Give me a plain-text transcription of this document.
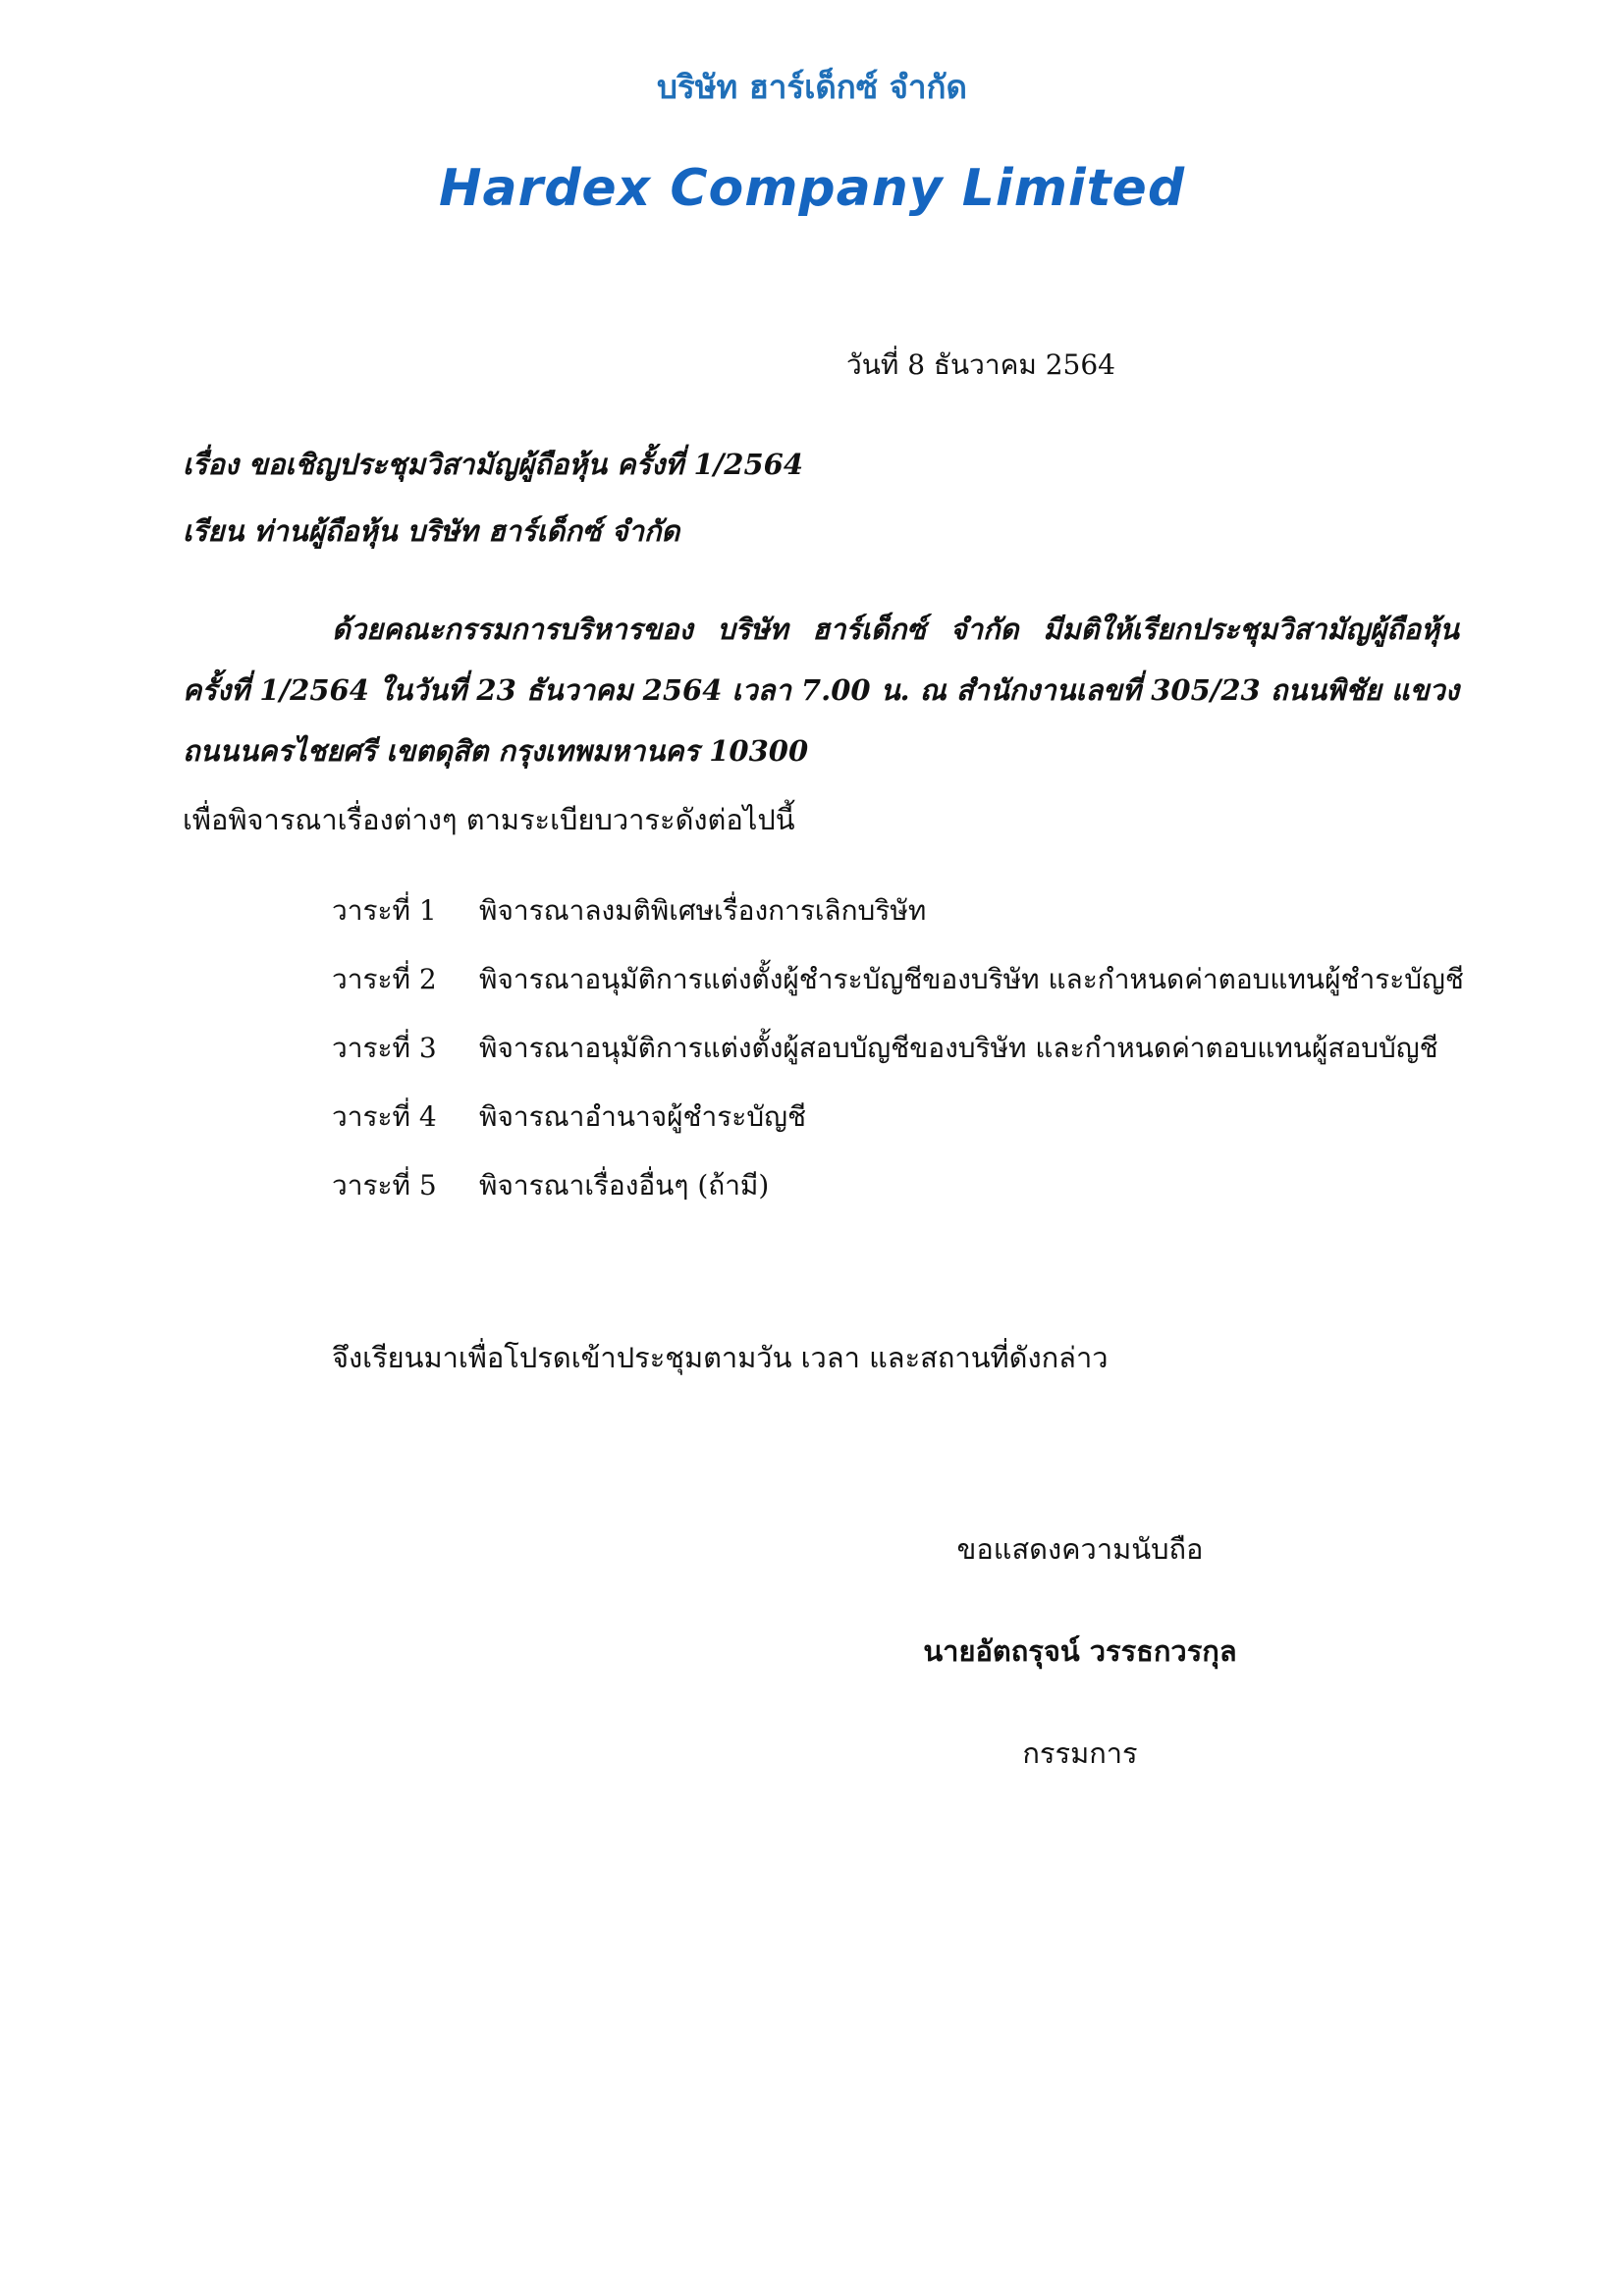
บริษัท ฮาร์เด็กซ์ จำกัด
Hardex Company Limited
วันที่ 8 ธันวาคม 2564
เรื่อง ขอเชิญประชุมวิสามัญผู้ถือหุ้น ครั้งที่ 1/2564
เรียน ท่านผู้ถือหุ้น บริษัท ฮาร์เด็กซ์ จำกัด
ด้วยคณะกรรมการบริหารของ บริษัท ฮาร์เด็กซ์ จำกัด มีมติให้เรียกประชุมวิสามัญผู้ถือหุ้น ครั้งที่ 1/2564 ในวันที่ 23 ธันวาคม 2564 เวลา 7.00 น. ณ สำนักงานเลขที่ 305/23 ถนนพิชัย แขวงถนนนครไชยศรี เขตดุสิต กรุงเทพมหานคร 10300
เพื่อพิจารณาเรื่องต่างๆ ตามระเบียบวาระดังต่อไปนี้
วาระที่ 1	พิจารณาลงมติพิเศษเรื่องการเลิกบริษัท
วาระที่ 2	พิจารณาอนุมัติการแต่งตั้งผู้ชำระบัญชีของบริษัท และกำหนดค่าตอบแทนผู้ชำระบัญชี
วาระที่ 3	พิจารณาอนุมัติการแต่งตั้งผู้สอบบัญชีของบริษัท และกำหนดค่าตอบแทนผู้สอบบัญชี
วาระที่ 4	พิจารณาอำนาจผู้ชำระบัญชี
วาระที่ 5	พิจารณาเรื่องอื่นๆ (ถ้ามี)
จึงเรียนมาเพื่อโปรดเข้าประชุมตามวัน เวลา และสถานที่ดังกล่าว
ขอแสดงความนับถือ
นายอัตถรุจน์ วรรธกวรกุล
กรรมการ
